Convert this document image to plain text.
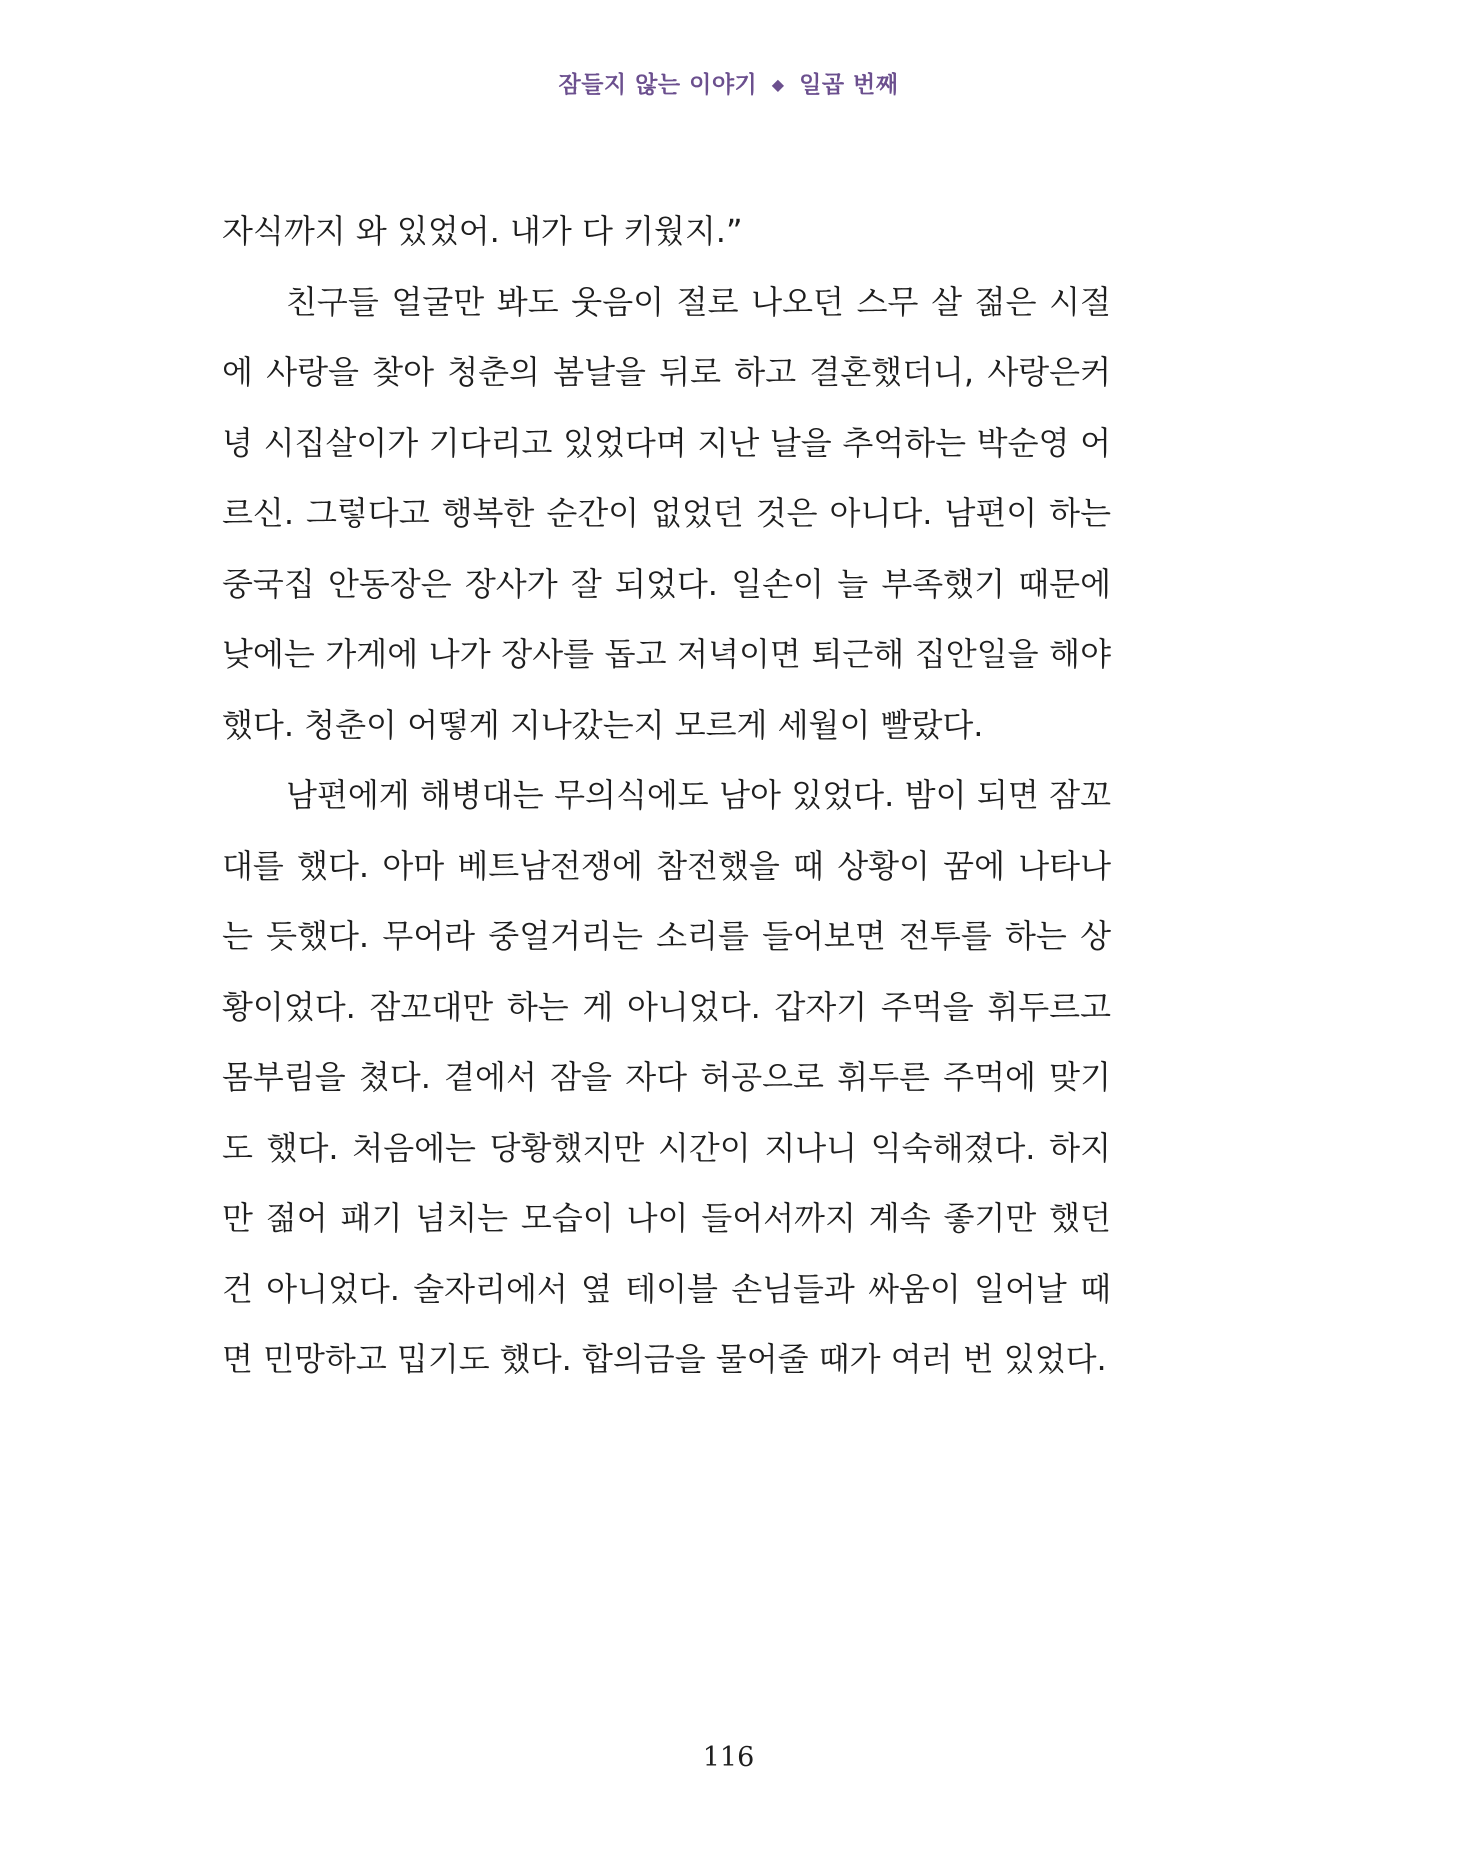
잠들지 않는 이야기 ◆ 일곱 번째

자식까지 와 있었어. 내가 다 키웠지.”

친구들 얼굴만 봐도 웃음이 절로 나오던 스무 살 젊은 시절에 사랑을 찾아 청춘의 봄날을 뒤로 하고 결혼했더니, 사랑은커녕 시집살이가 기다리고 있었다며 지난 날을 추억하는 박순영 어르신. 그렇다고 행복한 순간이 없었던 것은 아니다. 남편이 하는 중국집 안동장은 장사가 잘 되었다. 일손이 늘 부족했기 때문에 낮에는 가게에 나가 장사를 돕고 저녁이면 퇴근해 집안일을 해야 했다. 청춘이 어떻게 지나갔는지 모르게 세월이 빨랐다.

남편에게 해병대는 무의식에도 남아 있었다. 밤이 되면 잠꼬대를 했다. 아마 베트남전쟁에 참전했을 때 상황이 꿈에 나타나는 듯했다. 무어라 중얼거리는 소리를 들어보면 전투를 하는 상황이었다. 잠꼬대만 하는 게 아니었다. 갑자기 주먹을 휘두르고 몸부림을 쳤다. 곁에서 잠을 자다 허공으로 휘두른 주먹에 맞기도 했다. 처음에는 당황했지만 시간이 지나니 익숙해졌다. 하지만 젊어 패기 넘치는 모습이 나이 들어서까지 계속 좋기만 했던 건 아니었다. 술자리에서 옆 테이블 손님들과 싸움이 일어날 때면 민망하고 밉기도 했다. 합의금을 물어줄 때가 여러 번 있었다.

116
